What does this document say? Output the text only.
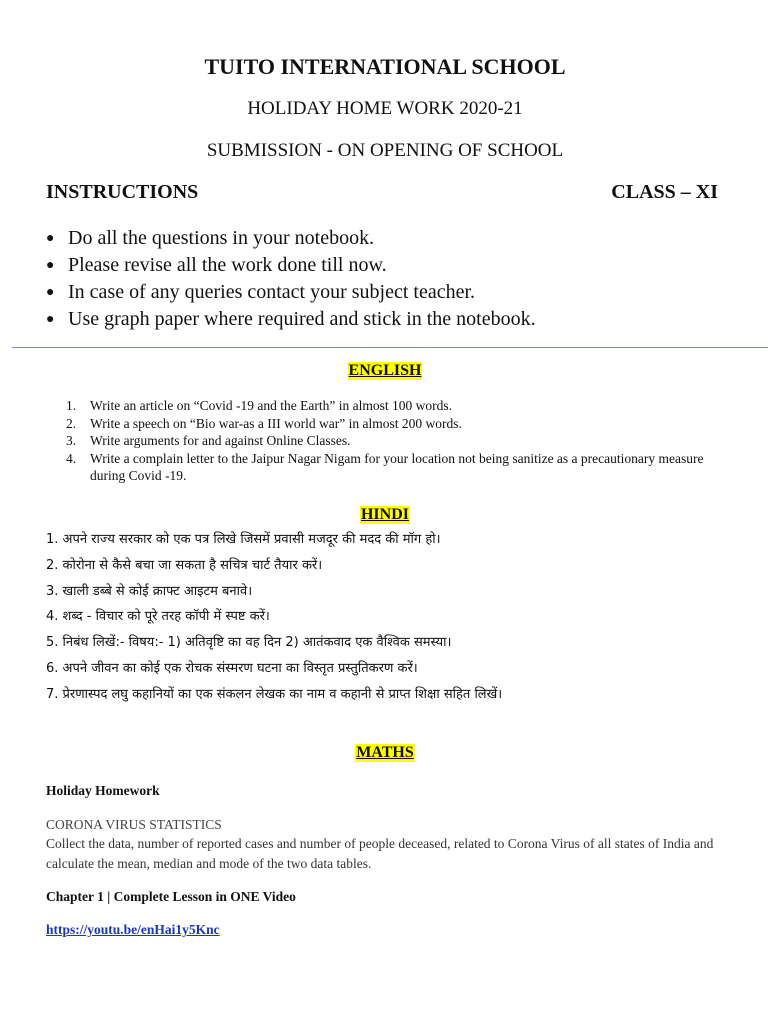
TUITO INTERNATIONAL SCHOOL
HOLIDAY HOME WORK 2020-21
SUBMISSION - ON OPENING OF SCHOOL
INSTRUCTIONS	CLASS – XI
● Do all the questions in your notebook.
● Please revise all the work done till now.
● In case of any queries contact your subject teacher.
● Use graph paper where required and stick in the notebook.
ENGLISH
1.	Write an article on “Covid -19 and the Earth” in almost 100 words.
2.	Write a speech on “Bio war-as a III world war” in almost 200 words.
3.	Write arguments for and against Online Classes.
4.	Write a complain letter to the Jaipur Nagar Nigam for your location not being sanitize as a precautionary measure during Covid -19.
HINDI
1. अपने राज्य सरकार को एक पत्र लिखे जिसमें प्रवासी मजदूर की मदद की मॉग हो।
2. कोरोना से कैसे बचा जा सकता है सचित्र चार्ट तैयार करें।
3. खाली डब्बे से कोई क्राफ्ट आइटम बनावे।
4. शब्द - विचार को पूरे तरह कॉपी में स्पष्ट करें।
5. निबंध लिखें:- विषय:- 1) अतिवृष्टि का वह दिन 2) आतंकवाद एक वैश्विक समस्या।
6. अपने जीवन का कोई एक रोचक संस्मरण घटना का विस्तृत प्रस्तुतिकरण करें।
7. प्रेरणास्पद लघु कहानियों का एक संकलन लेखक का नाम व कहानी से प्राप्त शिक्षा सहित लिखें।
MATHS
Holiday Homework
CORONA VIRUS STATISTICS
Collect the data, number of reported cases and number of people deceased, related to Corona Virus of all states of India and calculate the mean, median and mode of the two data tables.
Chapter 1 | Complete Lesson in ONE Video
https://youtu.be/enHai1y5Knc
